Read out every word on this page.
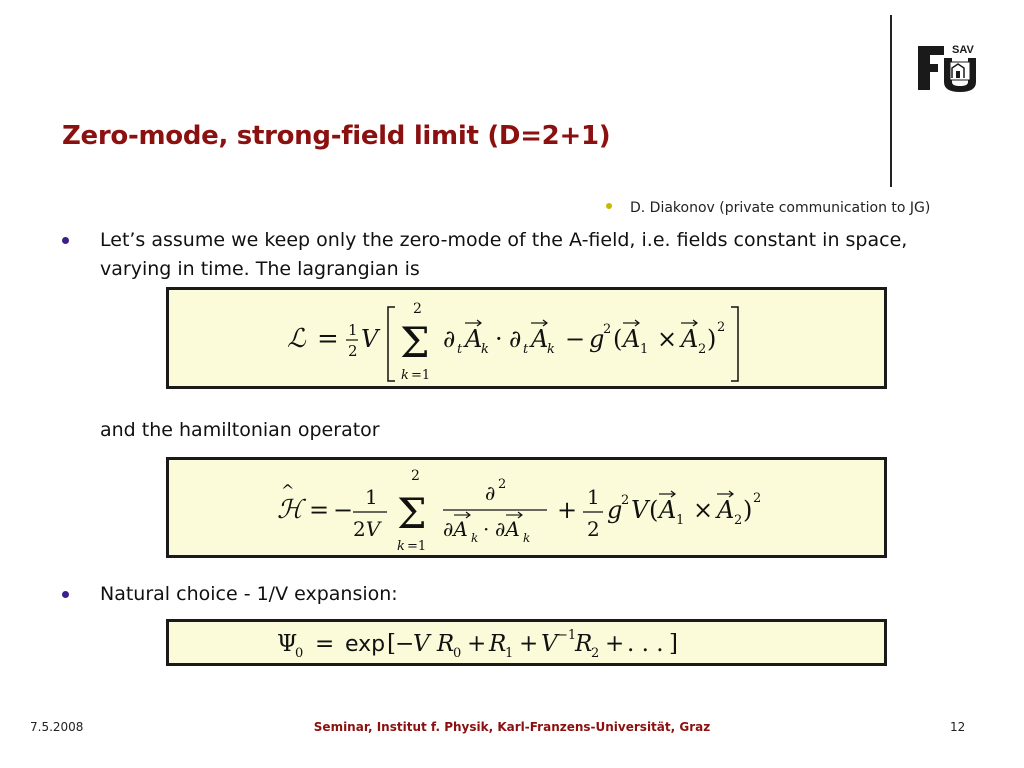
SAV
Zero-mode, strong-field limit (D=2+1)
D. Diakonov (private communication to JG)
Let’s assume we keep only the zero-mode of the A-field, i.e. fields constant in space,
varying in time. The lagrangian is
ℒ = 1
2 V
2
Σ
k =1
∂ t A
k · ∂ t A
k − g
2 ( A 1 × A 2 ) 2
and the hamiltonian operator
ℋ
^
= − 1
2V
2
Σ
k =1
∂ 2
∂A k · ∂A k
+ 1
2
g
2 V ( A 1 × A 2 ) 2
Natural choice - 1/V expansion:
Ψ
0 = exp [ −
V R
0 + R
1 + V −1
R
2 + . . . ]
7.5.2008	Seminar, Institut f. Physik, Karl-Franzens-Universität, Graz	12
